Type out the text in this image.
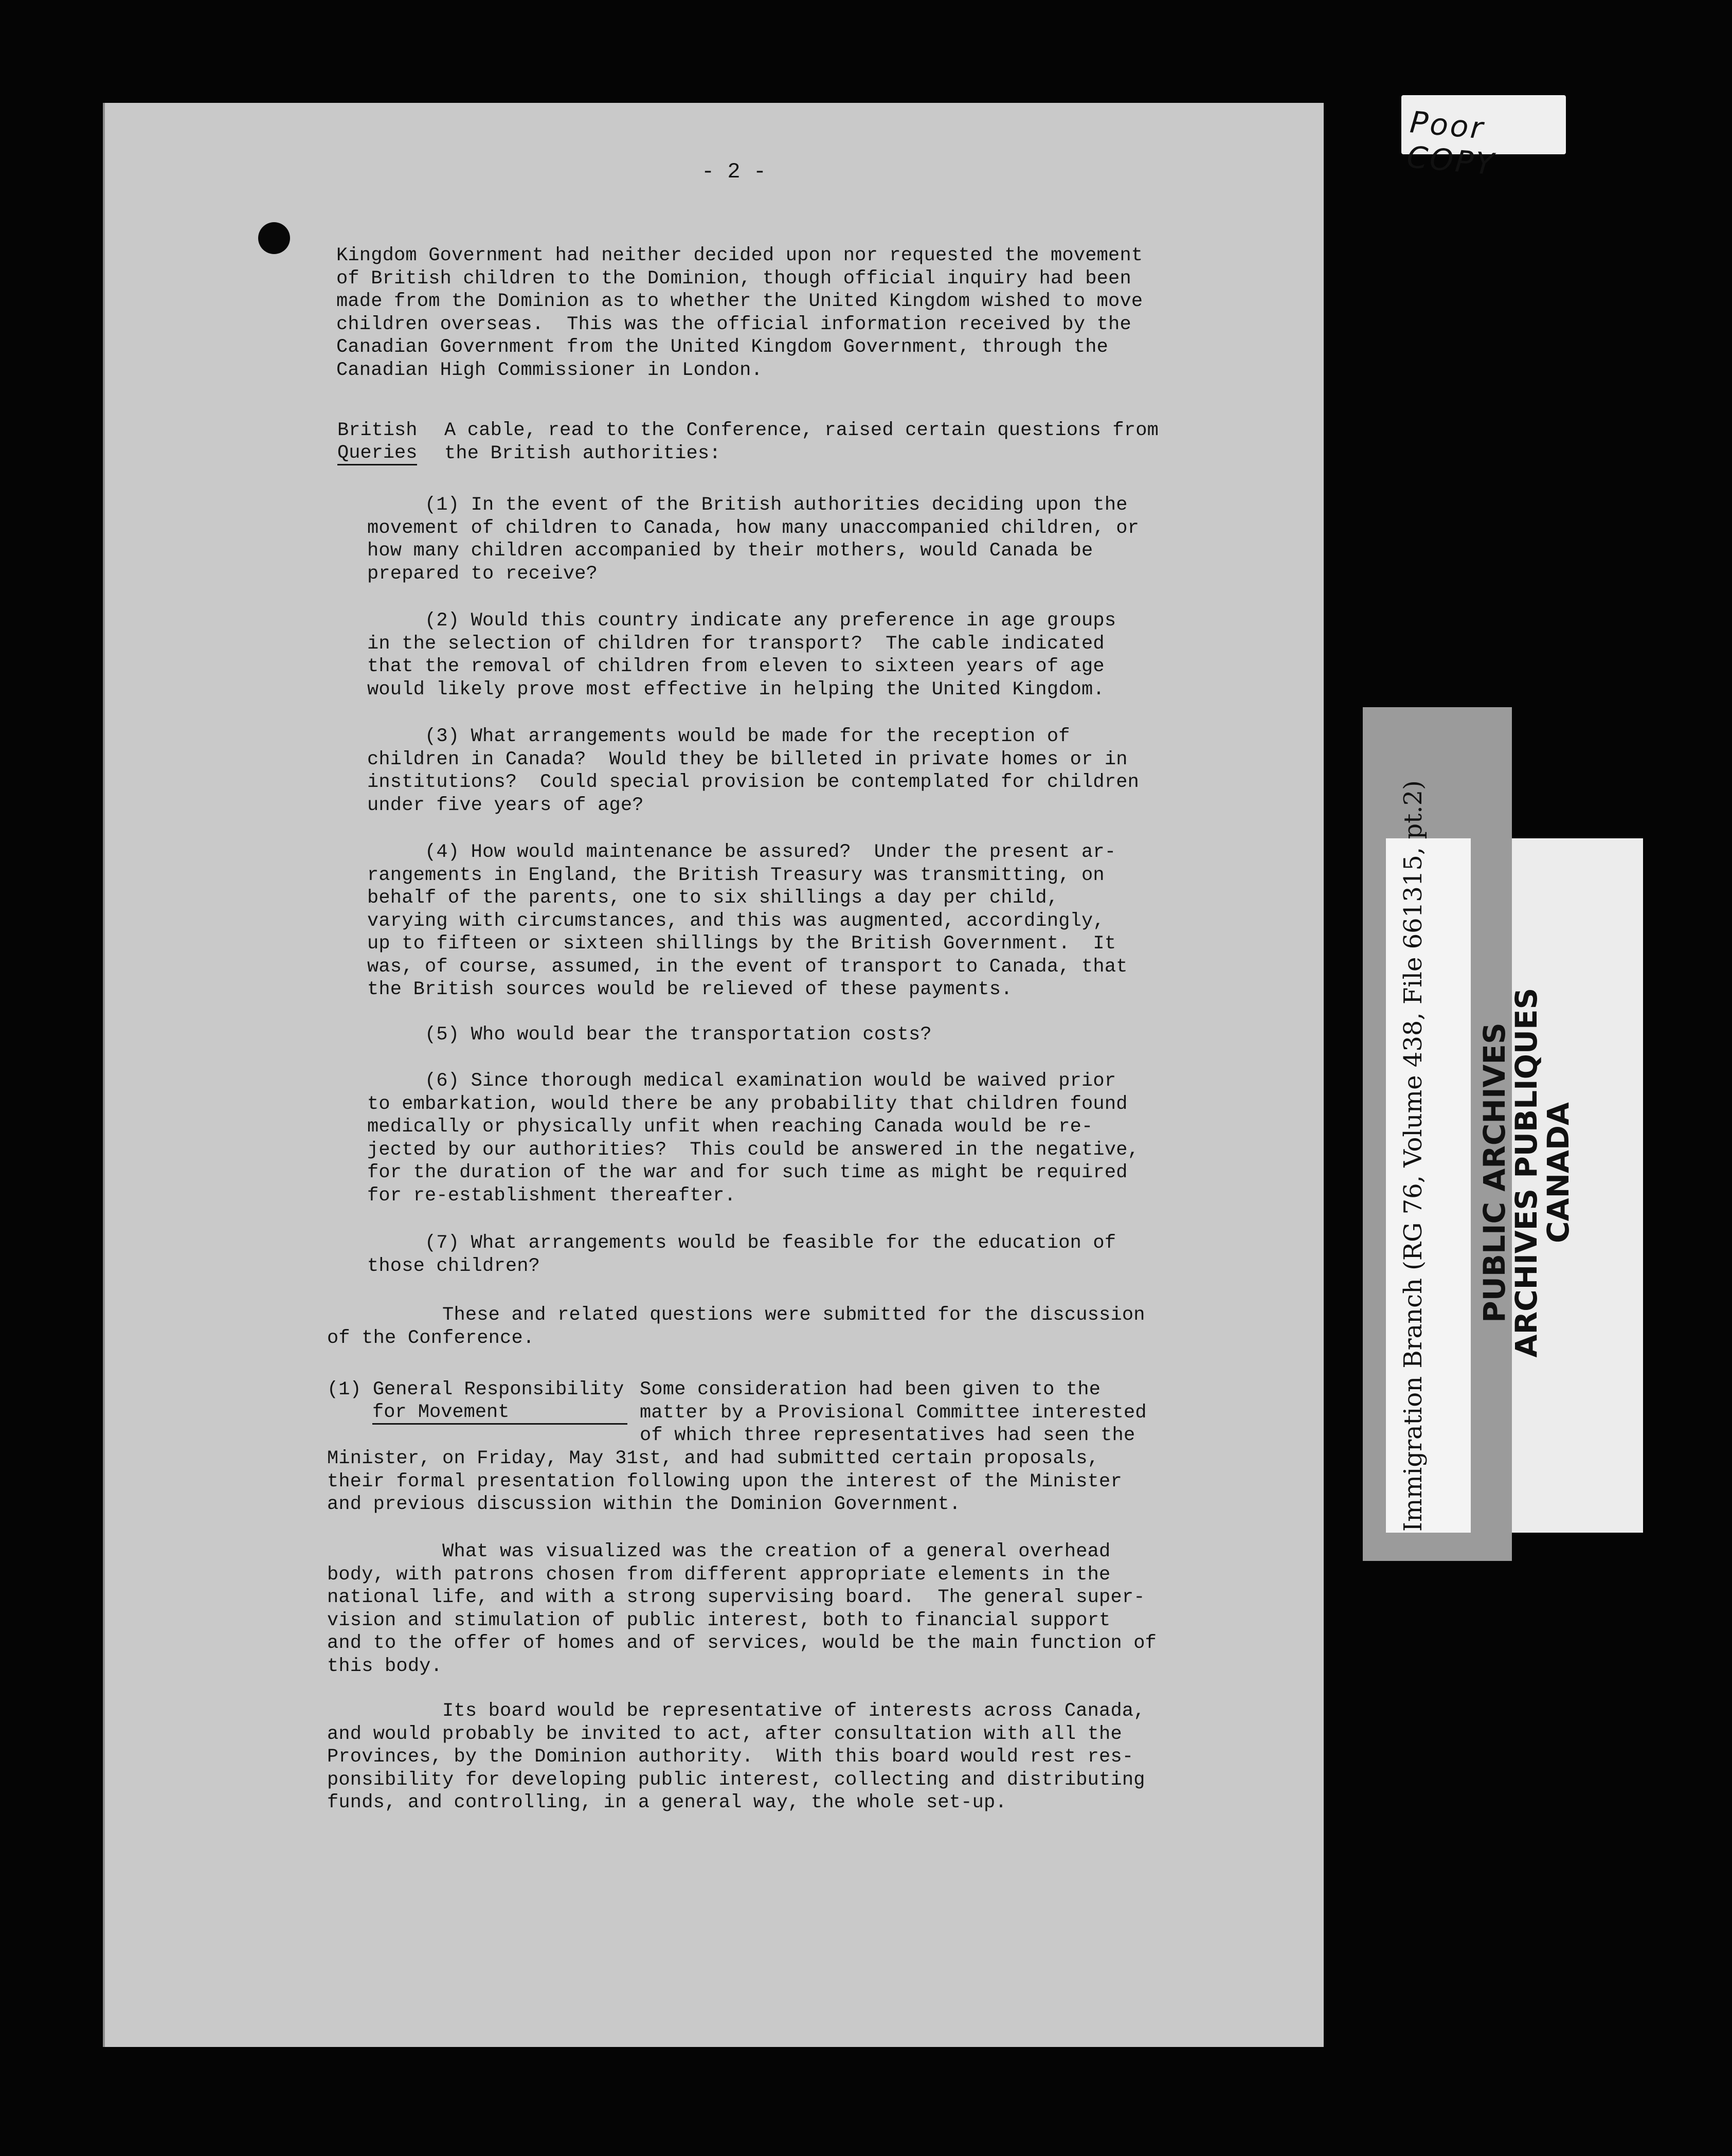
- 2 -
Kingdom Government had neither decided upon nor requested the movement
of British children to the Dominion, though official inquiry had been
made from the Dominion as to whether the United Kingdom wished to move
children overseas.  This was the official information received by the
Canadian Government from the United Kingdom Government, through the
Canadian High Commissioner in London.
British
Queries
A cable, read to the Conference, raised certain questions from
the British authorities:
(1) In the event of the British authorities deciding upon the
movement of children to Canada, how many unaccompanied children, or
how many children accompanied by their mothers, would Canada be
prepared to receive?
(2) Would this country indicate any preference in age groups
in the selection of children for transport?  The cable indicated
that the removal of children from eleven to sixteen years of age
would likely prove most effective in helping the United Kingdom.
(3) What arrangements would be made for the reception of
children in Canada?  Would they be billeted in private homes or in
institutions?  Could special provision be contemplated for children
under five years of age?
(4) How would maintenance be assured?  Under the present ar-
rangements in England, the British Treasury was transmitting, on
behalf of the parents, one to six shillings a day per child,
varying with circumstances, and this was augmented, accordingly,
up to fifteen or sixteen shillings by the British Government.  It
was, of course, assumed, in the event of transport to Canada, that
the British sources would be relieved of these payments.
(5) Who would bear the transportation costs?
(6) Since thorough medical examination would be waived prior
to embarkation, would there be any probability that children found
medically or physically unfit when reaching Canada would be re-
jected by our authorities?  This could be answered in the negative,
for the duration of the war and for such time as might be required
for re-establishment thereafter.
(7) What arrangements would be feasible for the education of
those children?
These and related questions were submitted for the discussion
of the Conference.
(1) General Responsibility
for Movement
Some consideration had been given to the
matter by a Provisional Committee interested
of which three representatives had seen the
Minister, on Friday, May 31st, and had submitted certain proposals,
their formal presentation following upon the interest of the Minister
and previous discussion within the Dominion Government.
What was visualized was the creation of a general overhead
body, with patrons chosen from different appropriate elements in the
national life, and with a strong supervising board.  The general super-
vision and stimulation of public interest, both to financial support
and to the offer of homes and of services, would be the main function of
this body.
Its board would be representative of interests across Canada,
and would probably be invited to act, after consultation with all the
Provinces, by the Dominion authority.  With this board would rest res-
ponsibility for developing public interest, collecting and distributing
funds, and controlling, in a general way, the whole set-up.
Poor COPY
Immigration Branch (RG 76, Volume 438, File 661315, pt.2) PUBLIC ARCHIVES
ARCHIVES PUBLIQUES
CANADA
